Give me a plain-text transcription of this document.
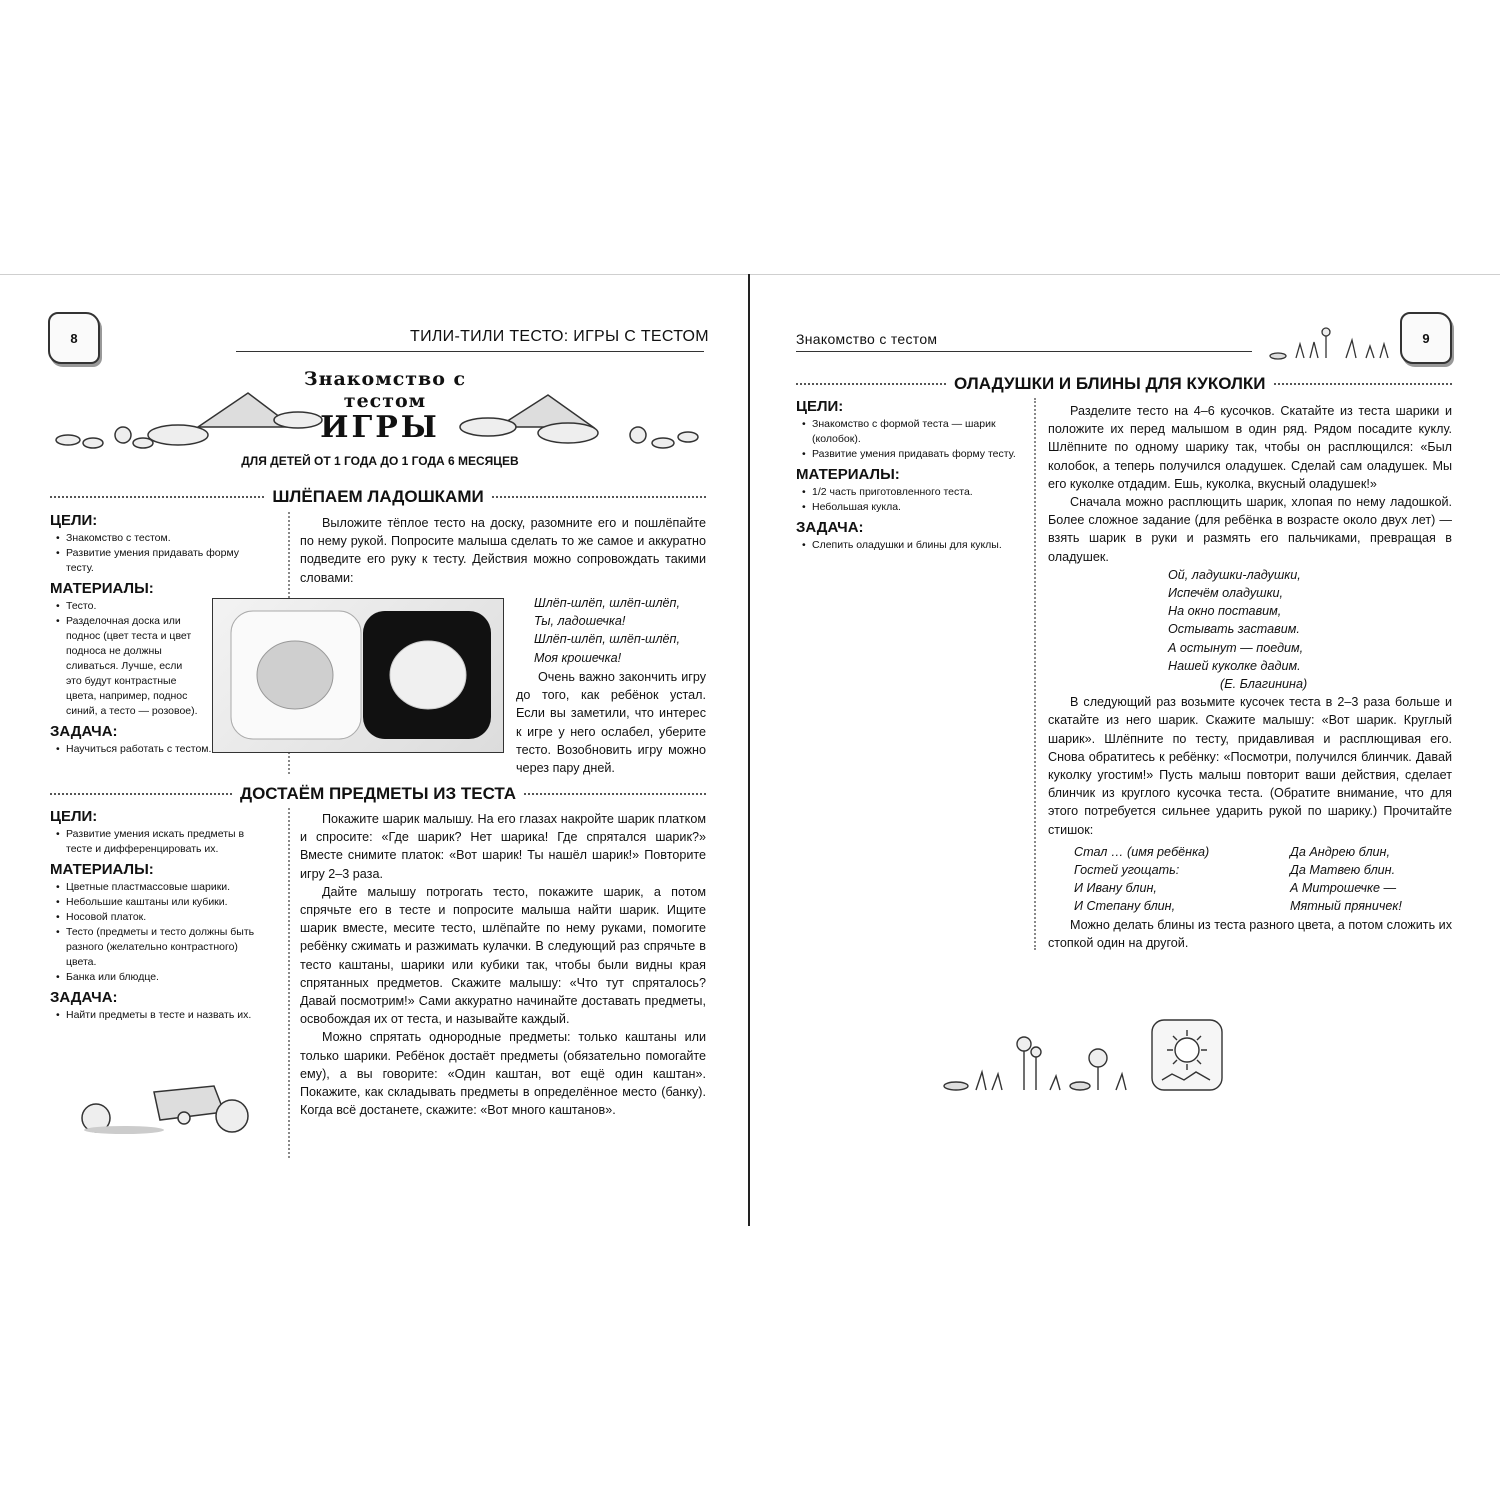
8	ТИЛИ-ТИЛИ ТЕСТО: ИГРЫ С ТЕСТОМ
Знакомство с тестом
ИГРЫ
ДЛЯ ДЕТЕЙ ОТ 1 ГОДА ДО 1 ГОДА 6 МЕСЯЦЕВ
ШЛЁПАЕМ ЛАДОШКАМИ

ЦЕЛИ:

• Знакомство с тестом.
• Развитие умения придавать форму тесту.

МАТЕРИАЛЫ:

• Тесто.
• Разделочная доска или поднос (цвет теста и цвет подноса не должны сливаться. Лучше, если это будут контрастные цвета, например, поднос синий, а тесто — розовое).

ЗАДАЧА:

• Научиться работать с тестом.

Выложите тёплое тесто на доску, разомните его и пошлёпайте по нему рукой. Попросите малыша сделать то же самое и аккуратно подведите его руку к тесту. Действия можно сопровождать такими словами:

Шлёп-шлёп, шлёп-шлёп,
Ты, ладошечка!
Шлёп-шлёп, шлёп-шлёп,
Моя крошечка!

Очень важно закончить игру до того, как ребёнок устал. Если вы заметили, что интерес к игре у него ослабел, уберите тесто. Возобновить игру можно через пару дней.

ДОСТАЁМ ПРЕДМЕТЫ ИЗ ТЕСТА

ЦЕЛИ:

• Развитие умения искать предметы в тесте и дифференцировать их.

МАТЕРИАЛЫ:

• Цветные пластмассовые шарики.
• Небольшие каштаны или кубики.
• Носовой платок.
• Тесто (предметы и тесто должны быть разного (желательно контрастного) цвета.
• Банка или блюдце.

ЗАДАЧА:

• Найти предметы в тесте и назвать их.

Покажите шарик малышу. На его глазах накройте шарик платком и спросите: «Где шарик? Нет шарика! Где спрятался шарик?» Вместе снимите платок: «Вот шарик! Ты нашёл шарик!» Повторите игру 2–3 раза.

Дайте малышу потрогать тесто, покажите шарик, а потом спрячьте его в тесте и попросите малыша найти шарик. Ищите шарик вместе, месите тесто, шлёпайте по нему руками, помогите ребёнку сжимать и разжимать кулачки. В следующий раз спрячьте в тесто каштаны, шарики или кубики так, чтобы были видны края спрятанных предметов. Скажите малышу: «Что тут спряталось? Давай посмотрим!» Сами аккуратно начинайте доставать предметы, освобождая их от теста, и называйте каждый.

Можно спрятать однородные предметы: только каштаны или только шарики. Ребёнок достаёт предметы (обязательно помогайте ему), а вы говорите: «Один каштан, вот ещё один каштан». Покажите, как складывать предметы в определённое место (банку). Когда всё достанете, скажите: «Вот много каштанов».

Знакомство с тестом	9
ОЛАДУШКИ И БЛИНЫ ДЛЯ КУКОЛКИ

ЦЕЛИ:

• Знакомство с формой теста — шарик (колобок).
• Развитие умения придавать форму тесту.

МАТЕРИАЛЫ:

• 1/2 часть приготовленного теста.
• Небольшая кукла.

ЗАДАЧА:

• Слепить оладушки и блины для куклы.

Разделите тесто на 4–6 кусочков. Скатайте из теста шарики и положите их перед малышом в один ряд. Рядом посадите куклу. Шлёпните по одному шарику так, чтобы он расплющился: «Был колобок, а теперь получился оладушек. Сделай сам оладушек. Мы его куколке отдадим. Ешь, куколка, вкусный оладушек!»

Сначала можно расплющить шарик, хлопая по нему ладошкой. Более сложное задание (для ребёнка в возрасте около двух лет) — взять шарик в руки и размять его пальчиками, превращая в оладушек.

Ой, ладушки-ладушки,
Испечём оладушки,
На окно поставим,
Остывать заставим.
А остынут — поедим,
Нашей куколке дадим.
(Е. Благинина)

В следующий раз возьмите кусочек теста в 2–3 раза больше и скатайте из него шарик. Скажите малышу: «Вот шарик. Круглый шарик». Шлёпните по тесту, придавливая и расплющивая его. Снова обратитесь к ребёнку: «Посмотри, получился блинчик. Давай куколку угостим!» Пусть малыш повторит ваши действия, сделает блинчик из круглого кусочка теста. (Обратите внимание, что для этого потребуется сильнее ударить рукой по шарику.) Прочитайте стишок:

Стал … (имя ребёнка)
Гостей угощать:
И Ивану блин,
И Степану блин,
Да Андрею блин,
Да Матвею блин.
А Митрошечке —
Мятный пряничек!

Можно делать блины из теста разного цвета, а потом сложить их стопкой один на другой.
